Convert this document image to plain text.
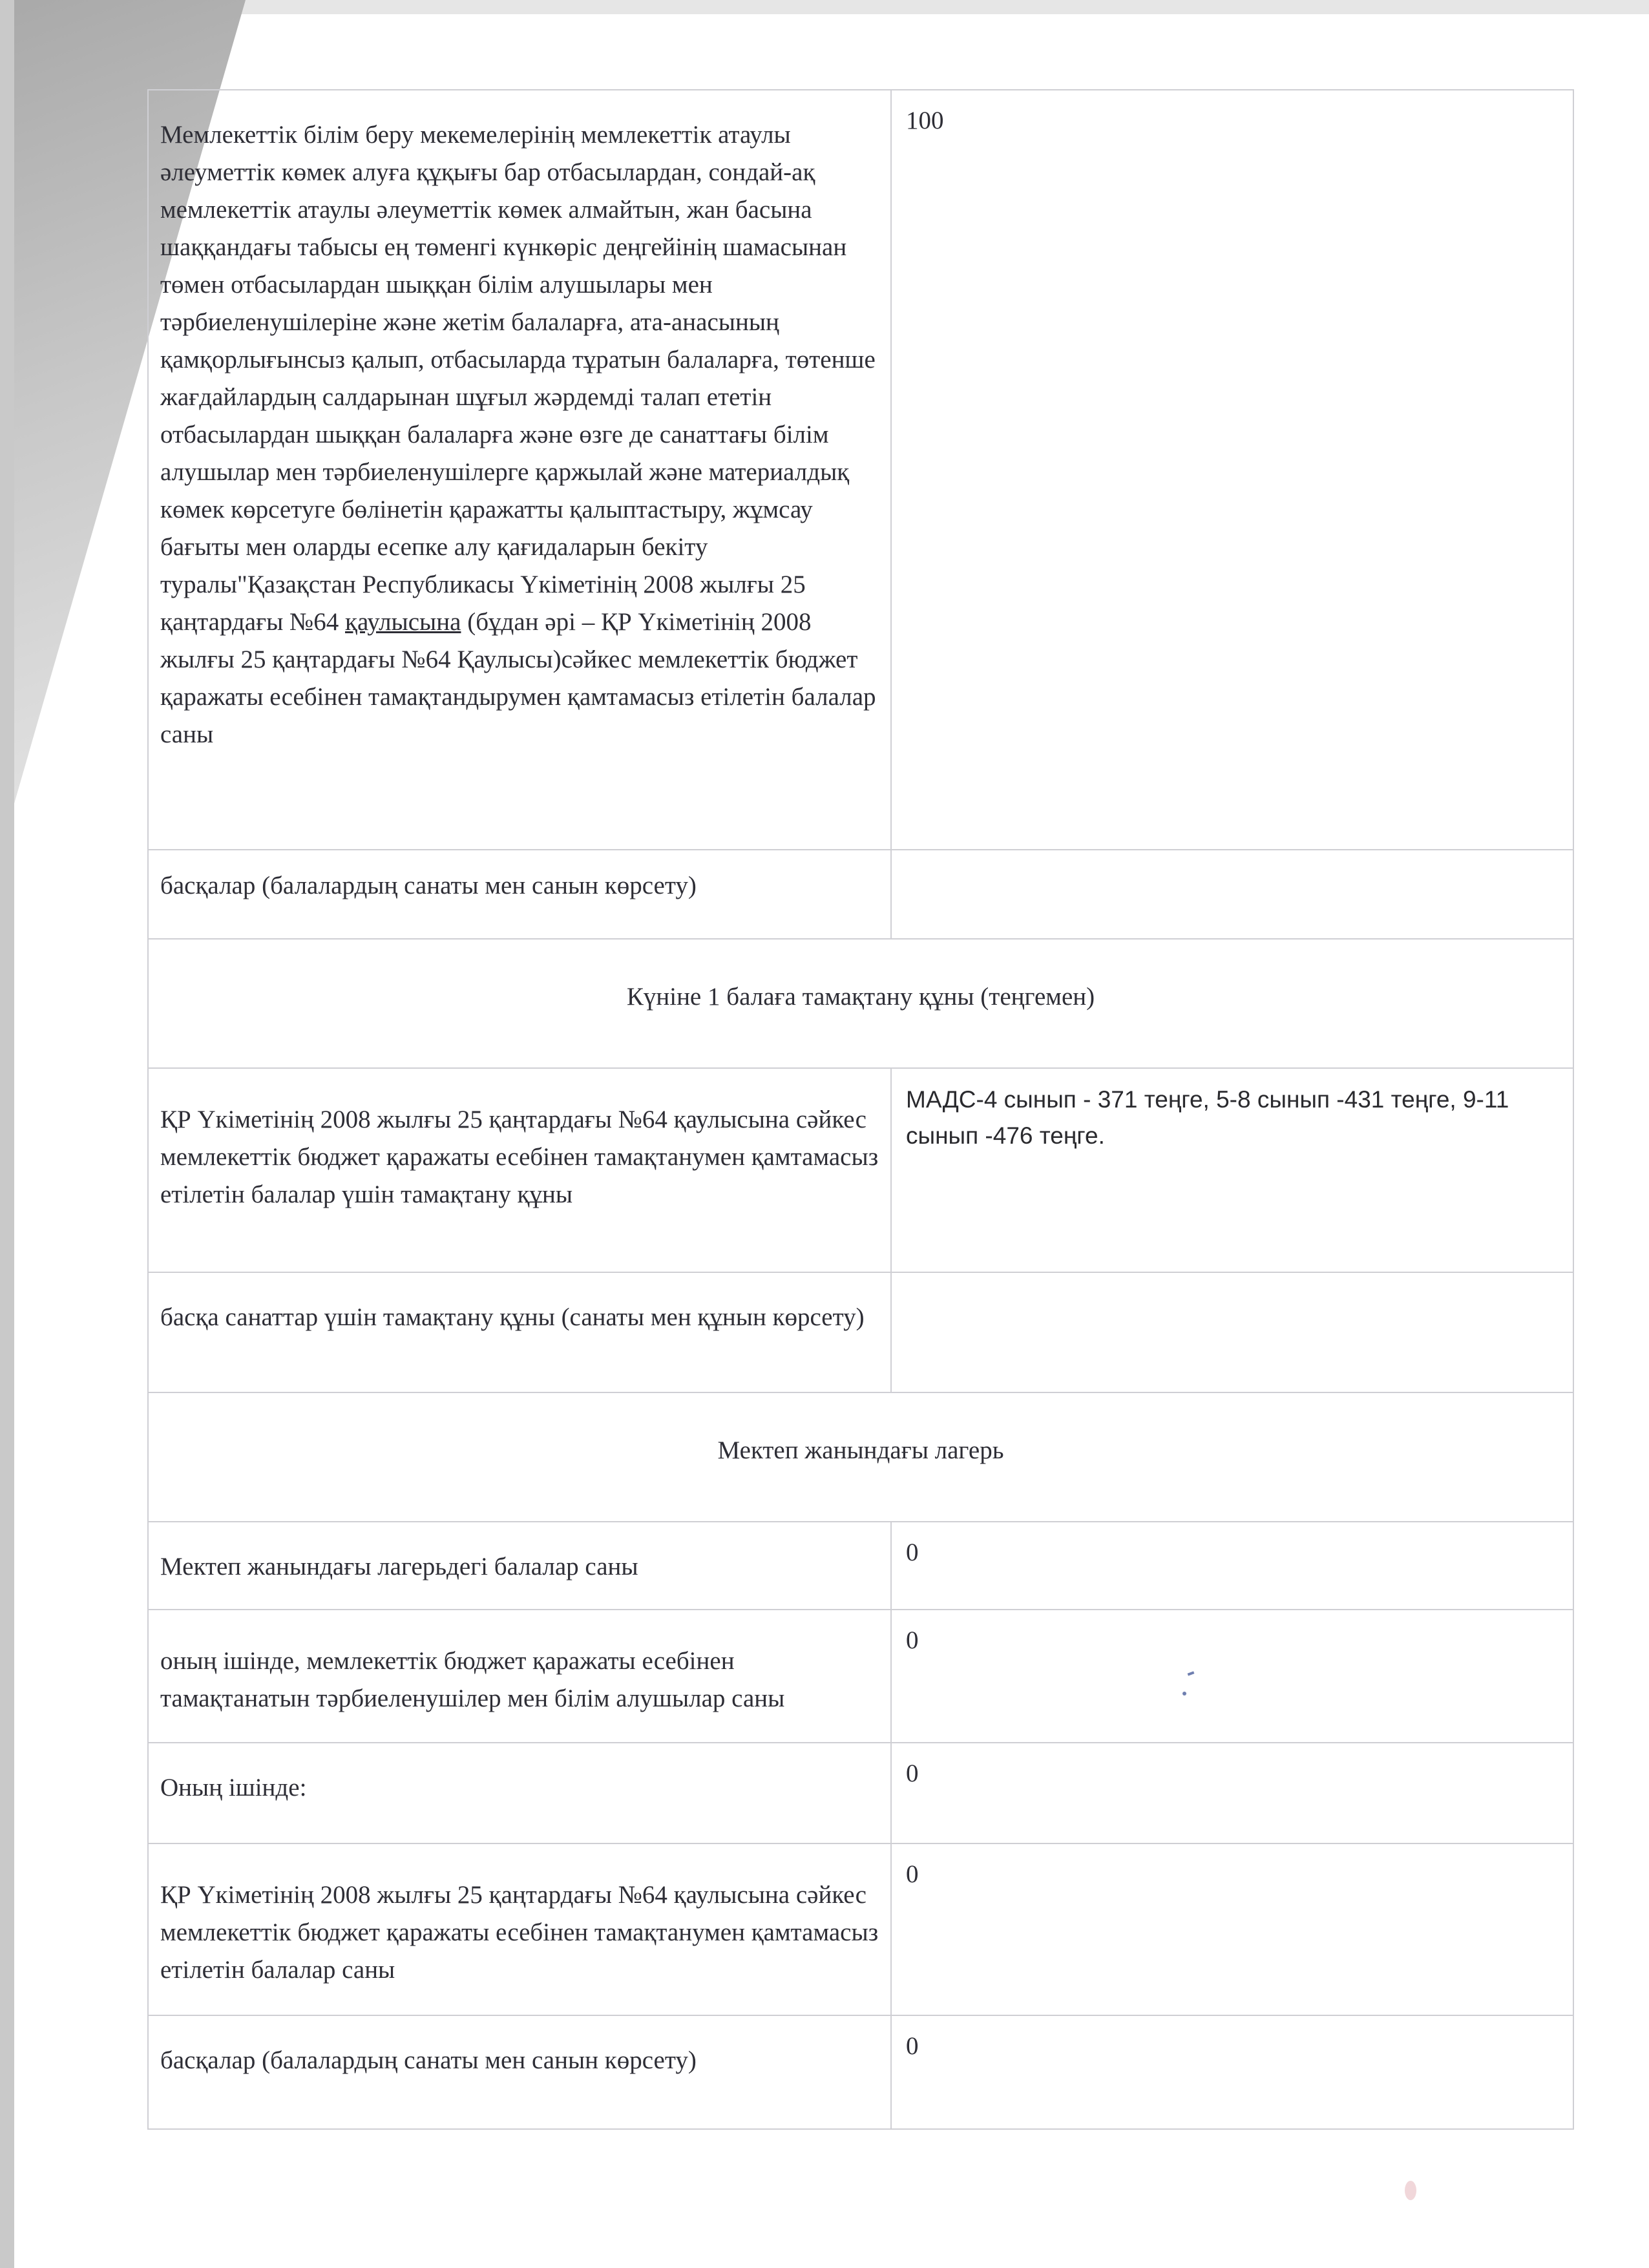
Мемлекеттік білім беру мекемелерінің мемлекеттік атаулы әлеуметтік көмек алуға құқығы бар отбасылардан, сондай-ақ мемлекеттік атаулы әлеуметтік көмек алмайтын, жан басына шаққандағы табысы ең төменгі күнкөріс деңгейінің шамасынан төмен отбасылардан шыққан білім алушылары мен тәрбиеленушілеріне және жетім балаларға, ата-анасының қамқорлығынсыз қалып, отбасыларда тұратын балаларға, төтенше жағдайлардың салдарынан шұғыл жәрдемді талап ететін отбасылардан шыққан балаларға және өзге де санаттағы білім алушылар мен тәрбиеленушілерге қаржылай және материалдық көмек көрсетуге бөлінетін қаражатты қалыптастыру, жұмсау бағыты мен оларды есепке алу қағидаларын бекіту туралы"Қазақстан Республикасы Үкіметінің 2008 жылғы 25 қаңтардағы №64 қаулысына (бұдан әрі – ҚР Үкіметінің 2008 жылғы 25 қаңтардағы №64 Қаулысы)сәйкес мемлекеттік бюджет қаражаты есебінен тамақтандырумен қамтамасыз етілетін балалар саны	100
басқалар (балалардың санаты мен санын көрсету)	
Күніне 1 балаға тамақтану құны (теңгемен)	
ҚР Үкіметінің 2008 жылғы 25 қаңтардағы №64 қаулысына сәйкес мемлекеттік бюджет қаражаты есебінен тамақтанумен қамтамасыз етілетін балалар үшін тамақтану құны	МАДС-4 сынып - 371 теңге, 5-8 сынып -431 теңге, 9-11 сынып -476 теңге.
басқа санаттар үшін тамақтану құны (санаты мен құнын көрсету)	
Мектеп жанындағы лагерь	
Мектеп жанындағы лагерьдегі балалар саны	0
оның ішінде, мемлекеттік бюджет қаражаты есебінен тамақтанатын тәрбиеленушілер мен білім алушылар саны	0
Оның ішінде:	0
ҚР Үкіметінің 2008 жылғы 25 қаңтардағы №64 қаулысына сәйкес мемлекеттік бюджет қаражаты есебінен тамақтанумен қамтамасыз етілетін балалар саны	0
басқалар (балалардың санаты мен санын көрсету)	0
